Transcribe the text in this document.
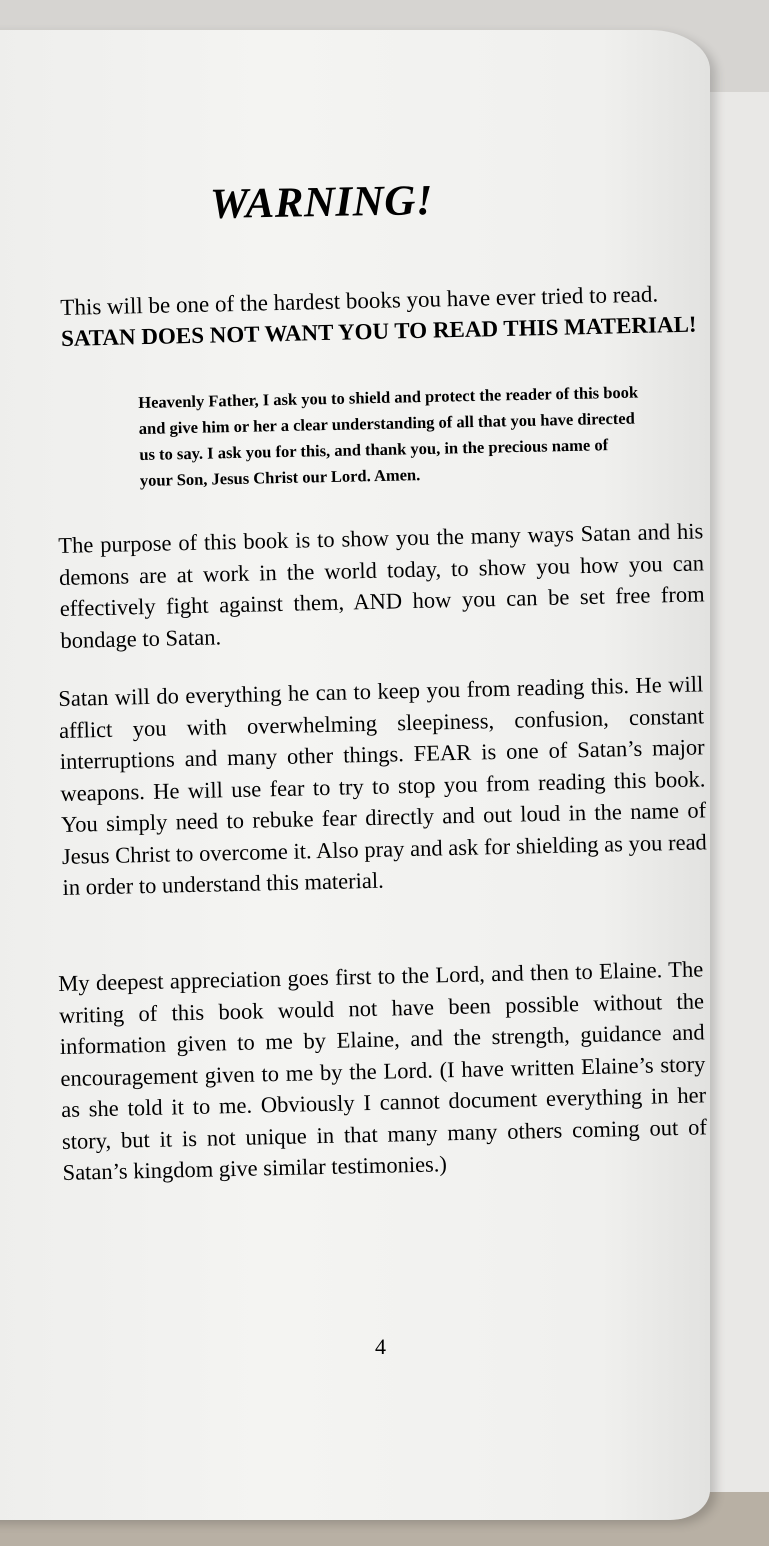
WARNING!
This will be one of the hardest books you have ever tried to read. SATAN DOES NOT WANT YOU TO READ THIS MATERIAL!
Heavenly Father, I ask you to shield and protect the reader of this book and give him or her a clear understanding of all that you have directed us to say. I ask you for this, and thank you, in the precious name of your Son, Jesus Christ our Lord. Amen.
The purpose of this book is to show you the many ways Satan and his demons are at work in the world today, to show you how you can effectively fight against them, AND how you can be set free from bondage to Satan.
Satan will do everything he can to keep you from reading this. He will afflict you with overwhelming sleepiness, confusion, constant interruptions and many other things. FEAR is one of Satan’s major weapons. He will use fear to try to stop you from reading this book. You simply need to rebuke fear directly and out loud in the name of Jesus Christ to overcome it. Also pray and ask for shielding as you read in order to understand this material.
My deepest appreciation goes first to the Lord, and then to Elaine. The writing of this book would not have been possible without the information given to me by Elaine, and the strength, guidance and encouragement given to me by the Lord. (I have written Elaine’s story as she told it to me. Obviously I cannot document everything in her story, but it is not unique in that many many others coming out of Satan’s kingdom give similar testimonies.)
4
